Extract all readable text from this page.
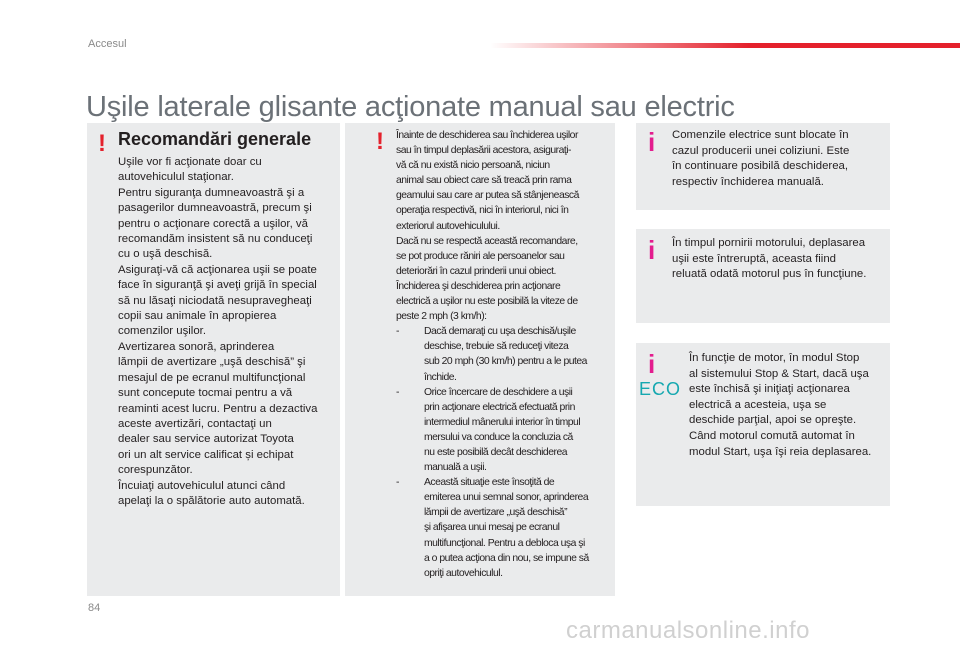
Accesul
Uşile laterale glisante acţionate manual sau electric
! Recomandări generale
Uşile vor fi acţionate doar cu
autovehiculul staţionar.
Pentru siguranţa dumneavoastră şi a
pasagerilor dumneavoastră, precum şi
pentru o acţionare corectă a uşilor, vă
recomandăm insistent să nu conduceţi
cu o uşă deschisă.
Asiguraţi-vă că acţionarea uşii se poate
face în siguranţă şi aveţi grijă în special
să nu lăsaţi niciodată nesupravegheaţi
copii sau animale în apropierea
comenzilor uşilor.
Avertizarea sonoră, aprinderea
lămpii de avertizare „uşă deschisă” şi
mesajul de pe ecranul multifuncţional
sunt concepute tocmai pentru a vă
reaminti acest lucru. Pentru a dezactiva
aceste avertizări, contactaţi un
dealer sau service autorizat Toyota
ori un alt service calificat și echipat
corespunzător.
Încuiaţi autovehiculul atunci când
apelaţi la o spălătorie auto automată.
! Înainte de deschiderea sau închiderea uşilor
sau în timpul deplasării acestora, asiguraţi-
vă că nu există nicio persoană, niciun
animal sau obiect care să treacă prin rama
geamului sau care ar putea să stânjenească
operaţia respectivă, nici în interiorul, nici în
exteriorul autovehiculului.
Dacă nu se respectă această recomandare,
se pot produce răniri ale persoanelor sau
deteriorări în cazul prinderii unui obiect.
Închiderea şi deschiderea prin acţionare
electrică a uşilor nu este posibilă la viteze de
peste 2 mph (3 km/h):
- Dacă demaraţi cu uşa deschisă/uşile
deschise, trebuie să reduceţi viteza
sub 20 mph (30 km/h) pentru a le putea
închide.
- Orice încercare de deschidere a uşii
prin acţionare electrică efectuată prin
intermediul mânerului interior în timpul
mersului va conduce la concluzia că
nu este posibilă decât deschiderea
manuală a uşii.
- Această situaţie este însoţită de
emiterea unui semnal sonor, aprinderea
lămpii de avertizare „uşă deschisă”
şi afişarea unui mesaj pe ecranul
multifuncţional. Pentru a debloca uşa şi
a o putea acţiona din nou, se impune să
opriţi autovehiculul.
i Comenzile electrice sunt blocate în
cazul producerii unei coliziuni. Este
în continuare posibilă deschiderea,
respectiv închiderea manuală.
i În timpul pornirii motorului, deplasarea
uşii este întreruptă, aceasta fiind
reluată odată motorul pus în funcţiune.
i
ECO
În funcţie de motor, în modul Stop
al sistemului Stop & Start, dacă uşa
este închisă şi iniţiaţi acţionarea
electrică a acesteia, uşa se
deschide parţial, apoi se opreşte.
Când motorul comută automat în
modul Start, uşa îşi reia deplasarea.
84
carmanualsonline.info
